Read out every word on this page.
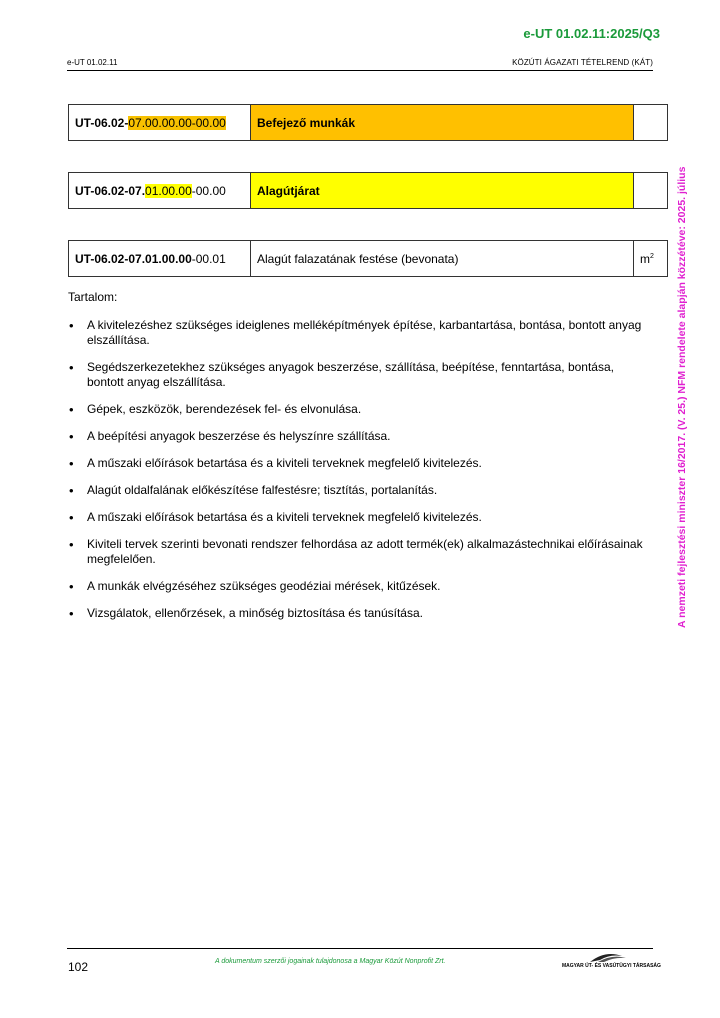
e-UT 01.02.11:2025/Q3
e-UT 01.02.11	KÖZÚTI ÁGAZATI TÉTELREND (KÁT)
A nemzeti fejlesztési miniszter 16/2017. (V. 25.) NFM rendelete alapján közzétéve: 2025. július
UT-06.02-07.00.00.00-00.00	Befejező munkák	
UT-06.02-07.01.00.00-00.00	Alagútjárat	
UT-06.02-07.01.00.00-00.01	Alagút falazatának festése (bevonata)	$m^2$
Tartalom:
• A kivitelezéshez szükséges ideiglenes melléképítmények építése, karbantartása, bontása, bontott anyag elszállítása.
• Segédszerkezetekhez szükséges anyagok beszerzése, szállítása, beépítése, fenntartása, bontása, bontott anyag elszállítása.
• Gépek, eszközök, berendezések fel- és elvonulása.
• A beépítési anyagok beszerzése és helyszínre szállítása.
• A műszaki előírások betartása és a kiviteli terveknek megfelelő kivitelezés.
• Alagút oldalfalának előkészítése falfestésre; tisztítás, portalanítás.
• A műszaki előírások betartása és a kiviteli terveknek megfelelő kivitelezés.
• Kiviteli tervek szerinti bevonati rendszer felhordása az adott termék(ek) alkalmazástechnikai előírásainak megfelelően.
• A munkák elvégzéséhez szükséges geodéziai mérések, kitűzések.
• Vizsgálatok, ellenőrzések, a minőség biztosítása és tanúsítása.
102	A dokumentum szerzői jogainak tulajdonosa a Magyar Közút Nonprofit Zrt.
MAGYAR ÚT- ÉS VASÚTÜGYI TÁRSASÁG
